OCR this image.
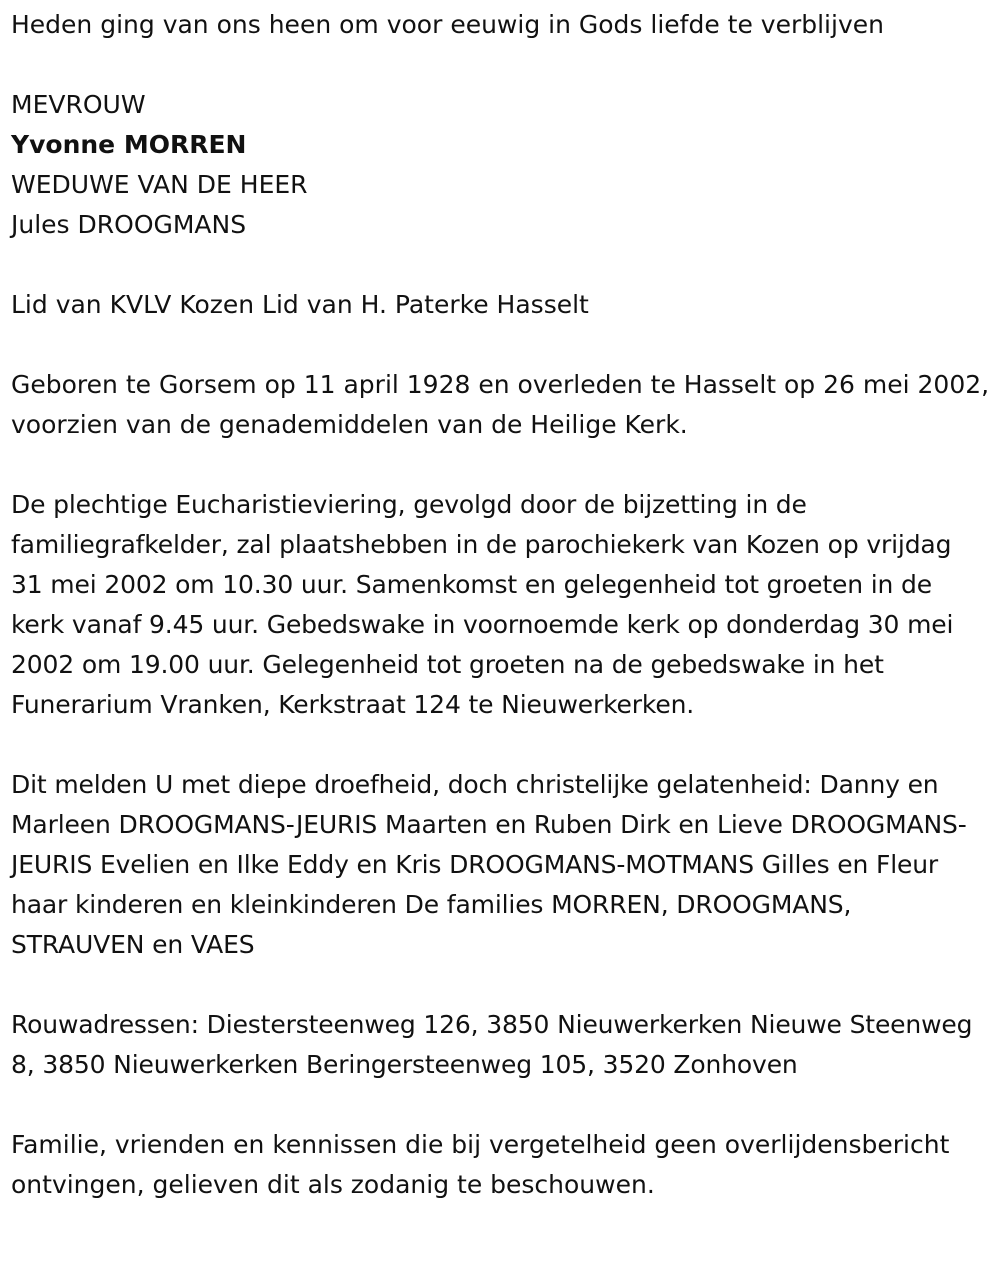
Heden ging van ons heen om voor eeuwig in Gods liefde te verblijven

MEVROUW

Yvonne MORREN

WEDUWE VAN DE HEER

Jules DROOGMANS

Lid van KVLV Kozen Lid van H. Paterke Hasselt

Geboren te Gorsem op 11 april 1928 en overleden te Hasselt op 26 mei 2002, voorzien van de genademiddelen van de Heilige Kerk.

De plechtige Eucharistieviering, gevolgd door de bijzetting in de familiegrafkelder, zal plaatshebben in de parochiekerk van Kozen op vrijdag 31 mei 2002 om 10.30 uur. Samenkomst en gelegenheid tot groeten in de kerk vanaf 9.45 uur. Gebedswake in voornoemde kerk op donderdag 30 mei 2002 om 19.00 uur. Gelegenheid tot groeten na de gebedswake in het Funerarium Vranken, Kerkstraat 124 te Nieuwerkerken.

Dit melden U met diepe droefheid, doch christelijke gelatenheid: Danny en Marleen DROOGMANS-JEURIS Maarten en Ruben Dirk en Lieve DROOGMANS-JEURIS Evelien en Ilke Eddy en Kris DROOGMANS-MOTMANS Gilles en Fleur haar kinderen en kleinkinderen De families MORREN, DROOGMANS, STRAUVEN en VAES

Rouwadressen: Diestersteenweg 126, 3850 Nieuwerkerken Nieuwe Steenweg 8, 3850 Nieuwerkerken Beringersteenweg 105, 3520 Zonhoven

Familie, vrienden en kennissen die bij vergetelheid geen overlijdensbericht ontvingen, gelieven dit als zodanig te beschouwen.
